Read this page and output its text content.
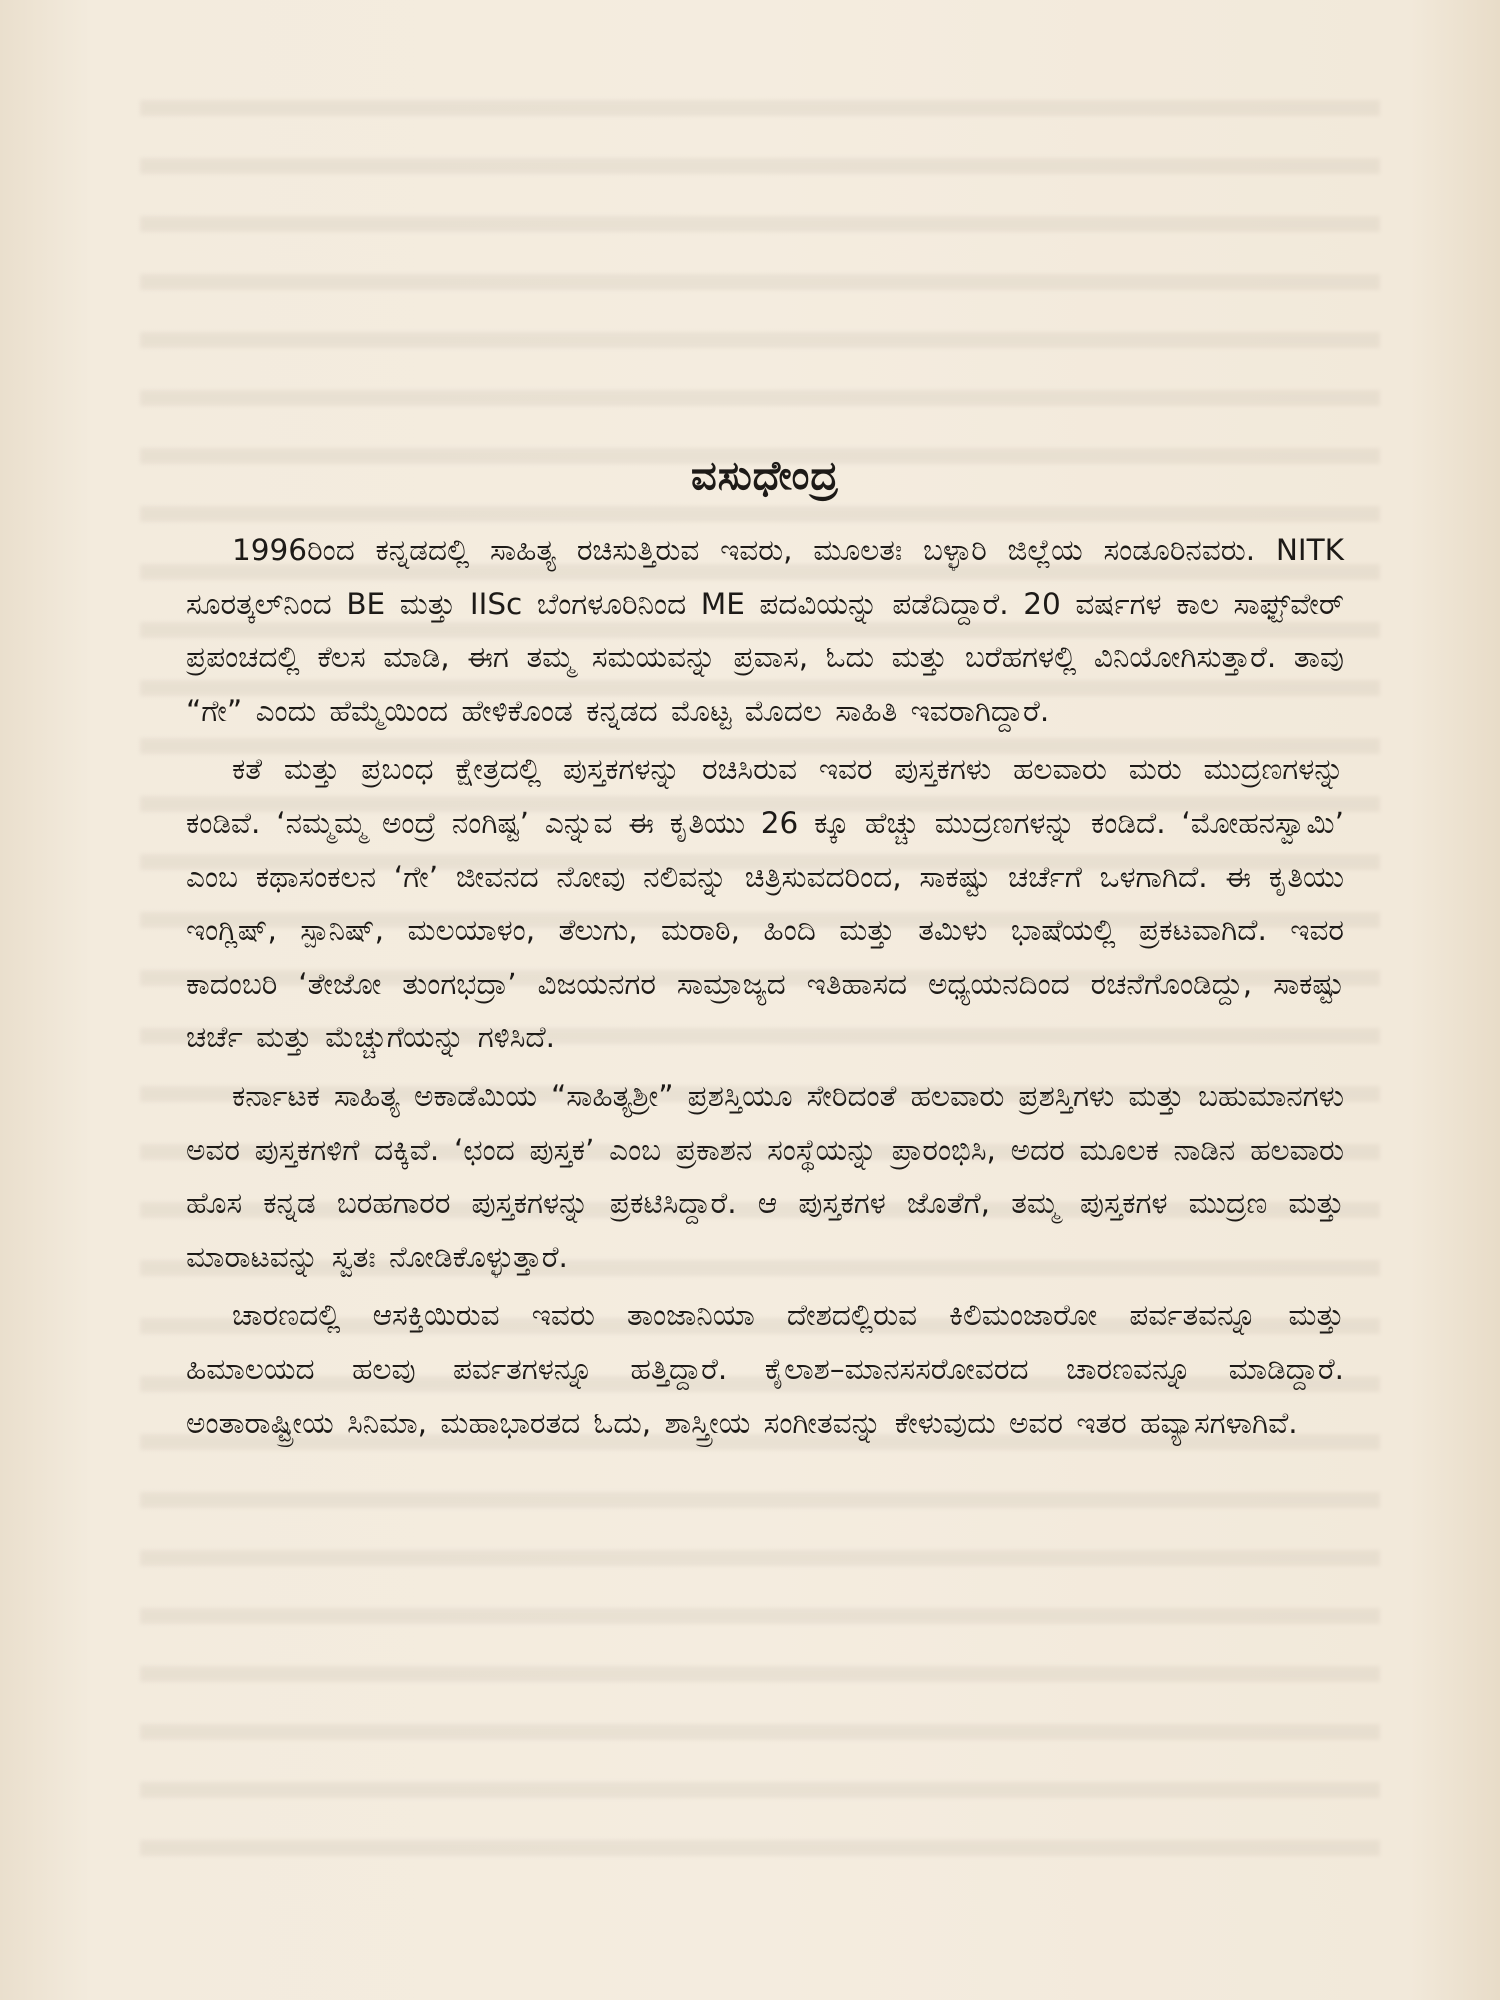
ವಸುಧೇಂದ್ರ

1996ರಿಂದ ಕನ್ನಡದಲ್ಲಿ ಸಾಹಿತ್ಯ ರಚಿಸುತ್ತಿರುವ ಇವರು, ಮೂಲತಃ ಬಳ್ಳಾರಿ ಜಿಲ್ಲೆಯ ಸಂಡೂರಿನವರು. NITK ಸೂರತ್ಕಲ್‌ನಿಂದ BE ಮತ್ತು IISc ಬೆಂಗಳೂರಿನಿಂದ ME ಪದವಿಯನ್ನು ಪಡೆದಿದ್ದಾರೆ. 20 ವರ್ಷಗಳ ಕಾಲ ಸಾಫ್ಟ್‌ವೇರ್ ಪ್ರಪಂಚದಲ್ಲಿ ಕೆಲಸ ಮಾಡಿ, ಈಗ ತಮ್ಮ ಸಮಯವನ್ನು ಪ್ರವಾಸ, ಓದು ಮತ್ತು ಬರೆಹಗಳಲ್ಲಿ ವಿನಿಯೋಗಿಸುತ್ತಾರೆ. ತಾವು “ಗೇ” ಎಂದು ಹೆಮ್ಮೆಯಿಂದ ಹೇಳಿಕೊಂಡ ಕನ್ನಡದ ಮೊಟ್ಟ ಮೊದಲ ಸಾಹಿತಿ ಇವರಾಗಿದ್ದಾರೆ.

ಕತೆ ಮತ್ತು ಪ್ರಬಂಧ ಕ್ಷೇತ್ರದಲ್ಲಿ ಪುಸ್ತಕಗಳನ್ನು ರಚಿಸಿರುವ ಇವರ ಪುಸ್ತಕಗಳು ಹಲವಾರು ಮರು ಮುದ್ರಣಗಳನ್ನು ಕಂಡಿವೆ. ‘ನಮ್ಮಮ್ಮ ಅಂದ್ರೆ ನಂಗಿಷ್ಟ’ ಎನ್ನುವ ಈ ಕೃತಿಯು 26 ಕ್ಕೂ ಹೆಚ್ಚು ಮುದ್ರಣಗಳನ್ನು ಕಂಡಿದೆ. ‘ಮೋಹನಸ್ವಾಮಿ’ ಎಂಬ ಕಥಾಸಂಕಲನ ‘ಗೇ’ ಜೀವನದ ನೋವು ನಲಿವನ್ನು ಚಿತ್ರಿಸುವದರಿಂದ, ಸಾಕಷ್ಟು ಚರ್ಚೆಗೆ ಒಳಗಾಗಿದೆ. ಈ ಕೃತಿಯು ಇಂಗ್ಲಿಷ್, ಸ್ಪಾನಿಷ್, ಮಲಯಾಳಂ, ತೆಲುಗು, ಮರಾಠಿ, ಹಿಂದಿ ಮತ್ತು ತಮಿಳು ಭಾಷೆಯಲ್ಲಿ ಪ್ರಕಟವಾಗಿದೆ. ಇವರ ಕಾದಂಬರಿ ‘ತೇಜೋ ತುಂಗಭದ್ರಾ’ ವಿಜಯನಗರ ಸಾಮ್ರಾಜ್ಯದ ಇತಿಹಾಸದ ಅಧ್ಯಯನದಿಂದ ರಚನೆಗೊಂಡಿದ್ದು, ಸಾಕಷ್ಟು ಚರ್ಚೆ ಮತ್ತು ಮೆಚ್ಚುಗೆಯನ್ನು ಗಳಿಸಿದೆ.

ಕರ್ನಾಟಕ ಸಾಹಿತ್ಯ ಅಕಾಡೆಮಿಯ “ಸಾಹಿತ್ಯಶ್ರೀ” ಪ್ರಶಸ್ತಿಯೂ ಸೇರಿದಂತೆ ಹಲವಾರು ಪ್ರಶಸ್ತಿಗಳು ಮತ್ತು ಬಹುಮಾನಗಳು ಅವರ ಪುಸ್ತಕಗಳಿಗೆ ದಕ್ಕಿವೆ. ‘ಛಂದ ಪುಸ್ತಕ’ ಎಂಬ ಪ್ರಕಾಶನ ಸಂಸ್ಥೆಯನ್ನು ಪ್ರಾರಂಭಿಸಿ, ಅದರ ಮೂಲಕ ನಾಡಿನ ಹಲವಾರು ಹೊಸ ಕನ್ನಡ ಬರಹಗಾರರ ಪುಸ್ತಕಗಳನ್ನು ಪ್ರಕಟಿಸಿದ್ದಾರೆ. ಆ ಪುಸ್ತಕಗಳ ಜೊತೆಗೆ, ತಮ್ಮ ಪುಸ್ತಕಗಳ ಮುದ್ರಣ ಮತ್ತು ಮಾರಾಟವನ್ನು ಸ್ವತಃ ನೋಡಿಕೊಳ್ಳುತ್ತಾರೆ.

ಚಾರಣದಲ್ಲಿ ಆಸಕ್ತಿಯಿರುವ ಇವರು ತಾಂಜಾನಿಯಾ ದೇಶದಲ್ಲಿರುವ ಕಿಲಿಮಂಜಾರೋ ಪರ್ವತವನ್ನೂ ಮತ್ತು ಹಿಮಾಲಯದ ಹಲವು ಪರ್ವತಗಳನ್ನೂ ಹತ್ತಿದ್ದಾರೆ. ಕೈಲಾಶ–ಮಾನಸಸರೋವರದ ಚಾರಣವನ್ನೂ ಮಾಡಿದ್ದಾರೆ. ಅಂತಾರಾಷ್ಟ್ರೀಯ ಸಿನಿಮಾ, ಮಹಾಭಾರತದ ಓದು, ಶಾಸ್ತ್ರೀಯ ಸಂಗೀತವನ್ನು ಕೇಳುವುದು ಅವರ ಇತರ ಹವ್ಯಾಸಗಳಾಗಿವೆ.
